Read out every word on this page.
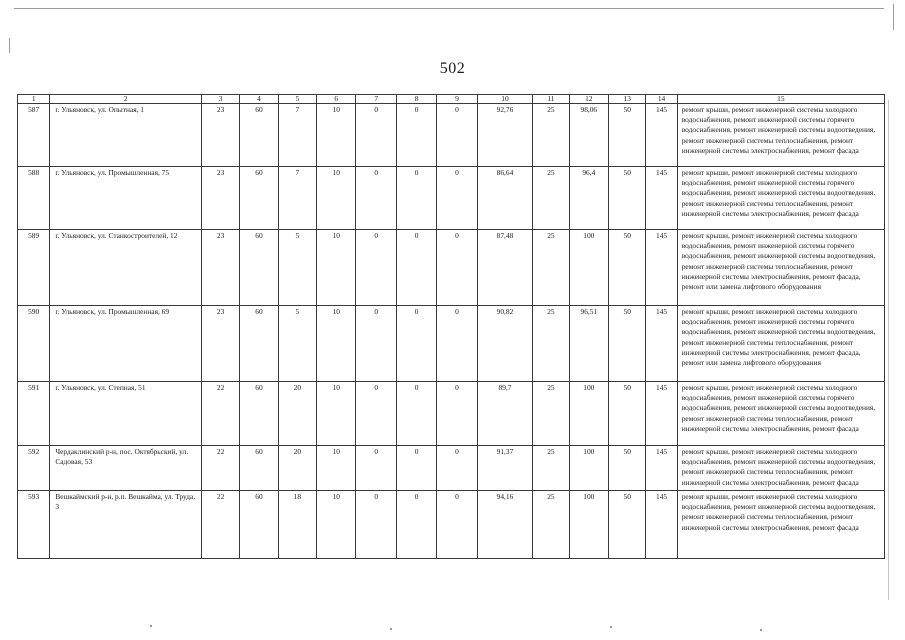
502
1	2	3	4	5	6	7	8	9	10	11	12	13	14	15
587	г. Ульяновск, ул. Опытная, 1	23	60	7	10	0	0	0	92,76	25	98,06	50	145	ремонт крыши, ремонт инженерной системы холодного водоснабжения, ремонт инженерной системы горячего водоснабжения, ремонт инженерной системы водоотведения, ремонт инженерной системы теплоснабжения, ремонт инженерной системы электроснабжения, ремонт фасада
588	г. Ульяновск, ул. Промышленная, 75	23	60	7	10	0	0	0	86,64	25	96,4	50	145	ремонт крыши, ремонт инженерной системы холодного водоснабжения, ремонт инженерной системы горячего водоснабжения, ремонт инженерной системы водоотведения, ремонт инженерной системы теплоснабжения, ремонт инженерной системы электроснабжения, ремонт фасада
589	г. Ульяновск, ул. Станкостроителей, 12	23	60	5	10	0	0	0	87,48	25	100	50	145	ремонт крыши, ремонт инженерной системы холодного водоснабжения, ремонт инженерной системы горячего водоснабжения, ремонт инженерной системы водоотведения, ремонт инженерной системы теплоснабжения, ремонт инженерной системы электроснабжения, ремонт фасада, ремонт или замена лифтового оборудования
590	г. Ульяновск, ул. Промышленная, 69	23	60	5	10	0	0	0	90,82	25	96,51	50	145	ремонт крыши, ремонт инженерной системы холодного водоснабжения, ремонт инженерной системы горячего водоснабжения, ремонт инженерной системы водоотведения, ремонт инженерной системы теплоснабжения, ремонт инженерной системы электроснабжения, ремонт фасада, ремонт или замена лифтового оборудования
591	г. Ульяновск, ул. Степная, 51	22	60	20	10	0	0	0	89,7	25	100	50	145	ремонт крыши, ремонт инженерной системы холодного водоснабжения, ремонт инженерной системы горячего водоснабжения, ремонт инженерной системы водоотведения, ремонт инженерной системы теплоснабжения, ремонт инженерной системы электроснабжения, ремонт фасада
592	Чердаклинский р-н, пос. Октябрьский, ул. Садовая, 53	22	60	20	10	0	0	0	91,37	25	100	50	145	ремонт крыши, ремонт инженерной системы холодного водоснабжения, ремонт инженерной системы водоотведения, ремонт инженерной системы теплоснабжения, ремонт инженерной системы электроснабжения, ремонт фасада
593	Вешкаймский р-н, р.п. Вешкайма, ул. Труда, 3	22	60	18	10	0	0	0	94,16	25	100	50	145	ремонт крыши, ремонт инженерной системы холодного водоснабжения, ремонт инженерной системы водоотведения, ремонт инженерной системы теплоснабжения, ремонт инженерной системы электроснабжения, ремонт фасада
